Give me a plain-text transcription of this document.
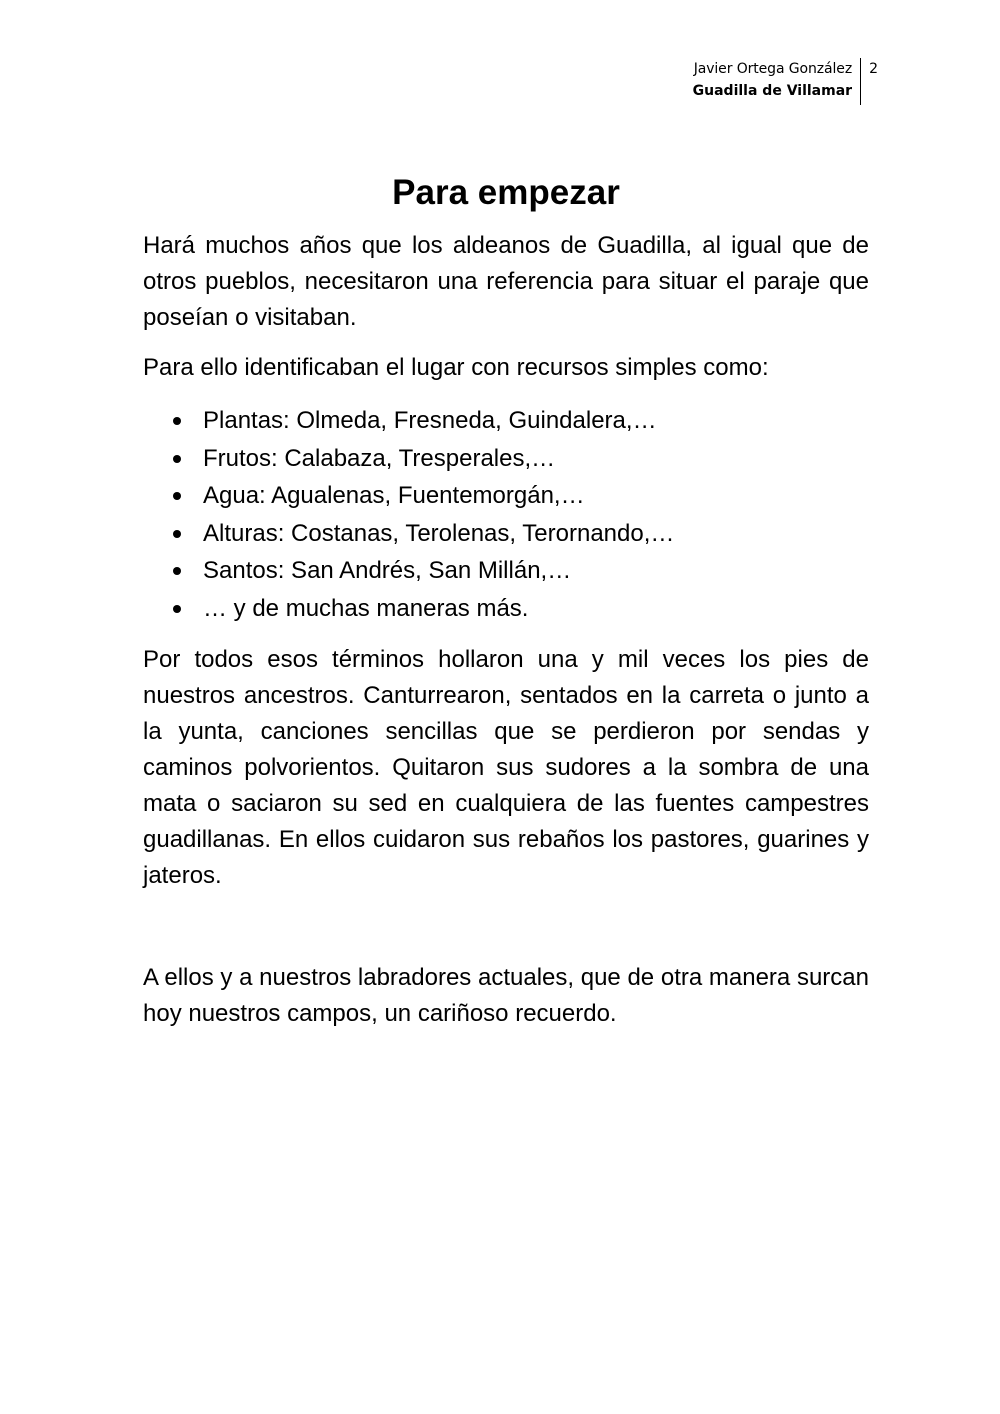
Javier Ortega González
Guadilla de Villamar
2
Para empezar

Hará muchos años que los aldeanos de Guadilla, al igual que de otros pueblos, necesitaron una referencia para situar el paraje que poseían o visitaban.

Para ello identificaban el lugar con recursos simples como:

Plantas: Olmeda, Fresneda, Guindalera,…
Frutos: Calabaza, Tresperales,…
Agua: Agualenas, Fuentemorgán,…
Alturas: Costanas, Terolenas, Terornando,…
Santos: San Andrés, San Millán,…
… y de muchas maneras más.

Por todos esos términos hollaron una y mil veces los pies de nuestros ancestros. Canturrearon, sentados en la carreta o junto a la yunta, canciones sencillas que se perdieron por sendas y caminos polvorientos. Quitaron sus sudores a la sombra de una mata o saciaron su sed en cualquiera de las fuentes campestres guadillanas. En ellos cuidaron sus rebaños los pastores, guarines y jateros.

A ellos y a nuestros labradores actuales, que de otra manera surcan hoy nuestros campos, un cariñoso recuerdo.
